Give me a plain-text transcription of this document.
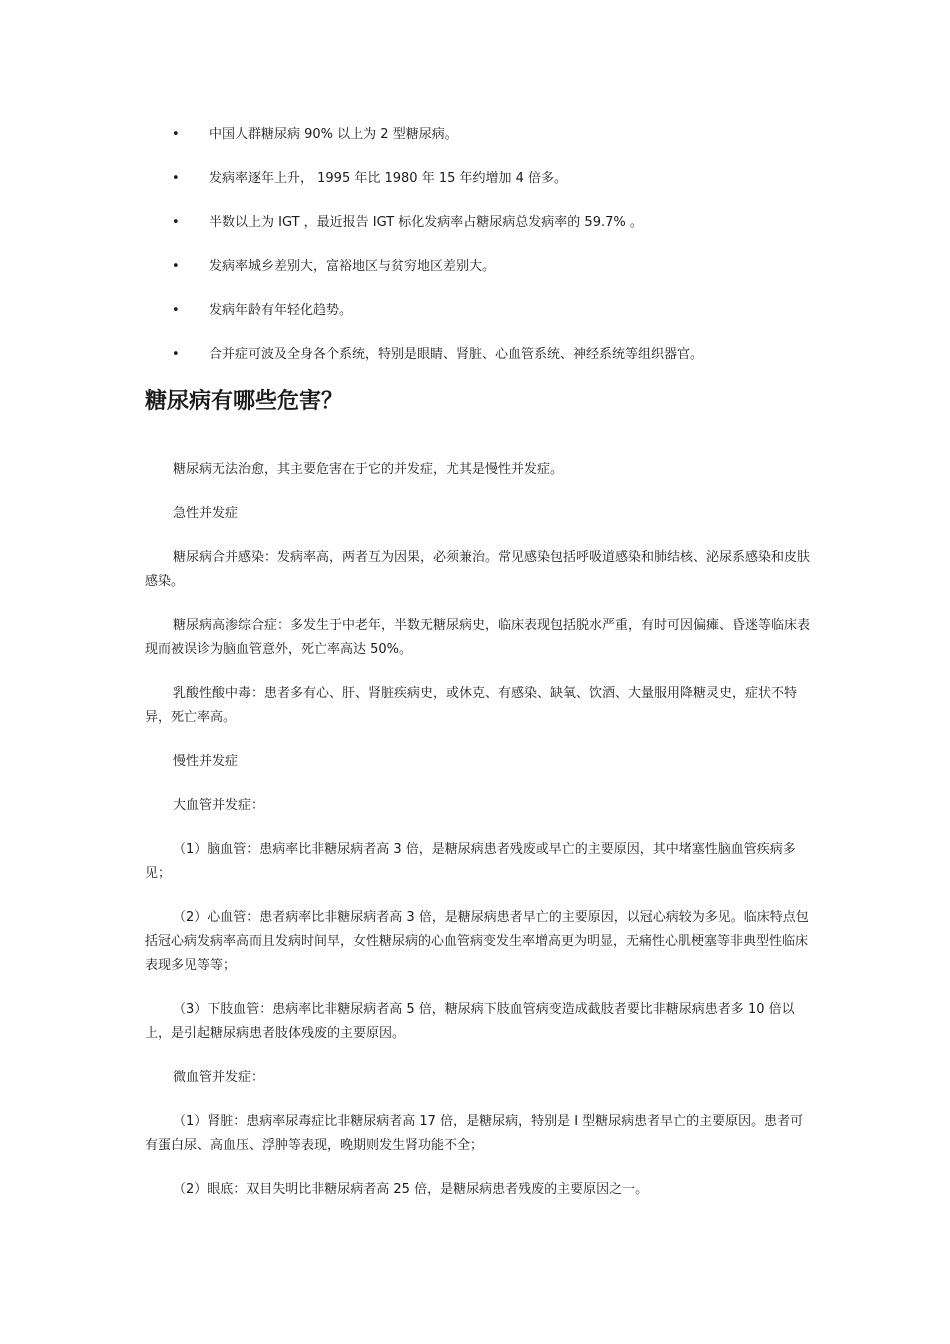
• 中国人群糖尿病 90% 以上为 2 型糖尿病。
• 发病率逐年上升， 1995 年比 1980 年 15 年约增加 4 倍多。
• 半数以上为 IGT ，最近报告 IGT 标化发病率占糖尿病总发病率的 59.7% 。
• 发病率城乡差别大，富裕地区与贫穷地区差别大。
• 发病年龄有年轻化趋势。
• 合并症可波及全身各个系统，特别是眼睛、肾脏、心血管系统、神经系统等组织器官。
糖尿病有哪些危害？

糖尿病无法治愈，其主要危害在于它的并发症，尤其是慢性并发症。

急性并发症

糖尿病合并感染：发病率高，两者互为因果，必须兼治。常见感染包括呼吸道感染和肺结核、泌尿系感染和皮肤感染。

糖尿病高渗综合症：多发生于中老年，半数无糖尿病史，临床表现包括脱水严重，有时可因偏瘫、昏迷等临床表现而被误诊为脑血管意外，死亡率高达 50%。

乳酸性酸中毒：患者多有心、肝、肾脏疾病史，或休克、有感染、缺氧、饮酒、大量服用降糖灵史，症状不特异，死亡率高。

慢性并发症

大血管并发症：

（1）脑血管：患病率比非糖尿病者高 3 倍，是糖尿病患者残废或早亡的主要原因，其中堵塞性脑血管疾病多见；

（2）心血管：患者病率比非糖尿病者高 3 倍，是糖尿病患者早亡的主要原因，以冠心病较为多见。临床特点包括冠心病发病率高而且发病时间早，女性糖尿病的心血管病变发生率增高更为明显，无痛性心肌梗塞等非典型性临床表现多见等等；

（3）下肢血管：患病率比非糖尿病者高 5 倍，糖尿病下肢血管病变造成截肢者要比非糖尿病患者多 10 倍以上，是引起糖尿病患者肢体残废的主要原因。

微血管并发症：

（1）肾脏：患病率尿毒症比非糖尿病者高 17 倍，是糖尿病，特别是 I 型糖尿病患者早亡的主要原因。患者可有蛋白尿、高血压、浮肿等表现，晚期则发生肾功能不全；

（2）眼底：双目失明比非糖尿病者高 25 倍，是糖尿病患者残废的主要原因之一。
